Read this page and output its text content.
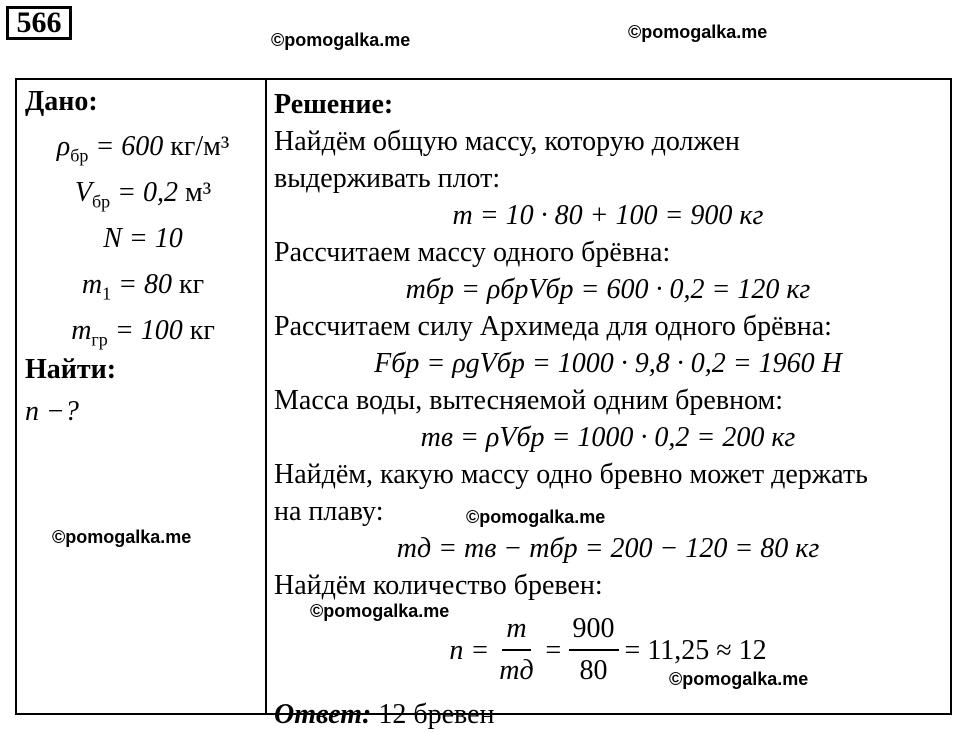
566
©pomogalka.me	©pomogalka.me
Дано:
$\rho_{бр} = 600$ кг/м³
$V_{бр} = 0,2$ м³
N = 10
$m_1 = 80$ кг
$m_{гр} = 100$ кг
Найти:
n −?
Решение:
Найдём общую массу, которую должен
выдерживать плот:
m = 10 · 80 + 100 = 900 кг
Рассчитаем массу одного брёвна:
mбр = ρбрVбр = 600 · 0,2 = 120 кг
Рассчитаем силу Архимеда для одного брёвна:
Fбр = ρgVбр = 1000 · 9,8 · 0,2 = 1960 Н
Масса воды, вытесняемой одним бревном:
mв = ρVбр = 1000 · 0,2 = 200 кг
Найдём, какую массу одно бревно может держать
на плаву:
mд = mв − mбр = 200 − 120 = 80 кг
Найдём количество бревен:
$n = \frac{m}{mд} = \frac{900}{80} = 11,25 \approx 12$
Ответ: 12 бревен
©pomogalka.me
©pomogalka.me
©pomogalka.me
©pomogalka.me
